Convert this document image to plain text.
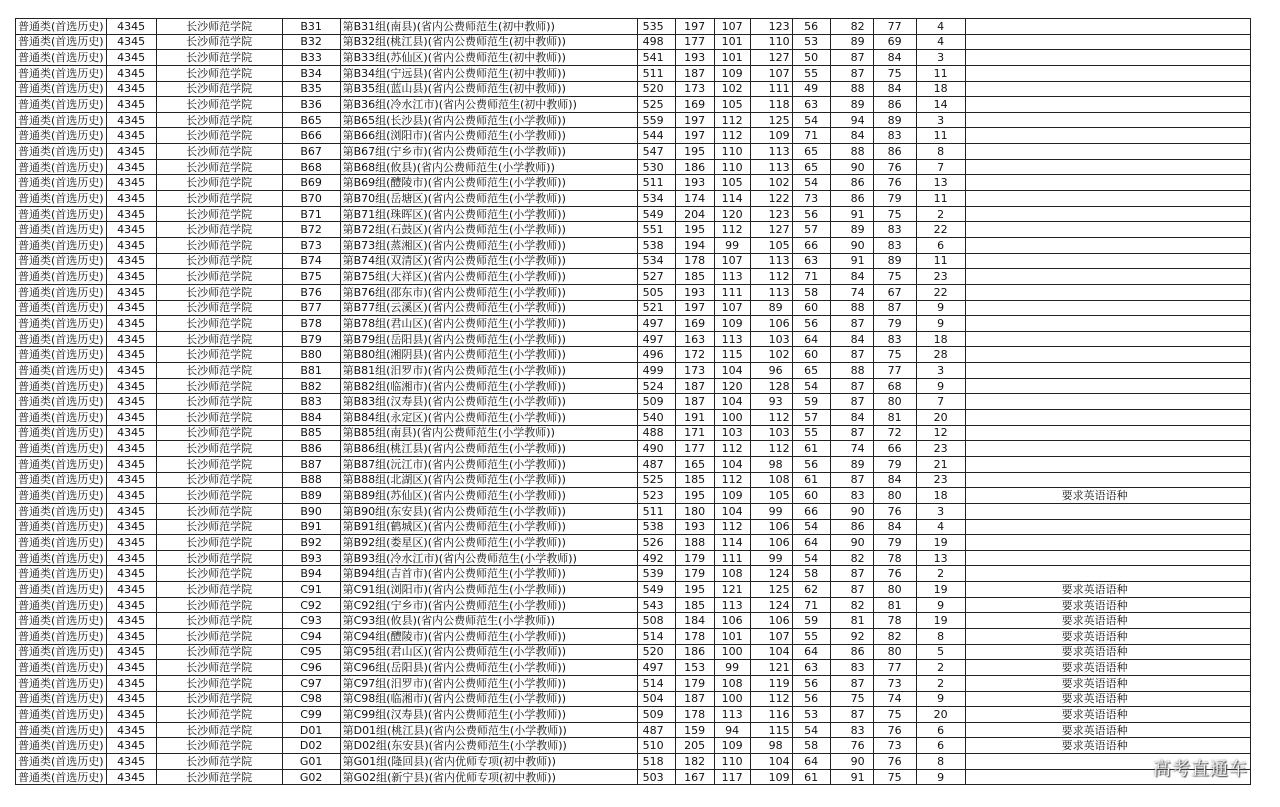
普通类(首选历史)	4345	长沙师范学院	B31	第B31组(南县)(省内公费师范生(初中教师))	535	197	107	123	56	82	77	4	
普通类(首选历史)	4345	长沙师范学院	B32	第B32组(桃江县)(省内公费师范生(初中教师))	498	177	101	110	53	89	69	4	
普通类(首选历史)	4345	长沙师范学院	B33	第B33组(苏仙区)(省内公费师范生(初中教师))	541	193	101	127	50	87	84	3	
普通类(首选历史)	4345	长沙师范学院	B34	第B34组(宁远县)(省内公费师范生(初中教师))	511	187	109	107	55	87	75	11	
普通类(首选历史)	4345	长沙师范学院	B35	第B35组(蓝山县)(省内公费师范生(初中教师))	520	173	102	111	49	88	84	18	
普通类(首选历史)	4345	长沙师范学院	B36	第B36组(冷水江市)(省内公费师范生(初中教师))	525	169	105	118	63	89	86	14	
普通类(首选历史)	4345	长沙师范学院	B65	第B65组(长沙县)(省内公费师范生(小学教师))	559	197	112	125	54	94	89	3	
普通类(首选历史)	4345	长沙师范学院	B66	第B66组(浏阳市)(省内公费师范生(小学教师))	544	197	112	109	71	84	83	11	
普通类(首选历史)	4345	长沙师范学院	B67	第B67组(宁乡市)(省内公费师范生(小学教师))	547	195	110	113	65	88	86	8	
普通类(首选历史)	4345	长沙师范学院	B68	第B68组(攸县)(省内公费师范生(小学教师))	530	186	110	113	65	90	76	7	
普通类(首选历史)	4345	长沙师范学院	B69	第B69组(醴陵市)(省内公费师范生(小学教师))	511	193	105	102	54	86	76	13	
普通类(首选历史)	4345	长沙师范学院	B70	第B70组(岳塘区)(省内公费师范生(小学教师))	534	174	114	122	73	86	79	11	
普通类(首选历史)	4345	长沙师范学院	B71	第B71组(珠晖区)(省内公费师范生(小学教师))	549	204	120	123	56	91	75	2	
普通类(首选历史)	4345	长沙师范学院	B72	第B72组(石鼓区)(省内公费师范生(小学教师))	551	195	112	127	57	89	83	22	
普通类(首选历史)	4345	长沙师范学院	B73	第B73组(蒸湘区)(省内公费师范生(小学教师))	538	194	99	105	66	90	83	6	
普通类(首选历史)	4345	长沙师范学院	B74	第B74组(双清区)(省内公费师范生(小学教师))	534	178	107	113	63	91	89	11	
普通类(首选历史)	4345	长沙师范学院	B75	第B75组(大祥区)(省内公费师范生(小学教师))	527	185	113	112	71	84	75	23	
普通类(首选历史)	4345	长沙师范学院	B76	第B76组(邵东市)(省内公费师范生(小学教师))	505	193	111	113	58	74	67	22	
普通类(首选历史)	4345	长沙师范学院	B77	第B77组(云溪区)(省内公费师范生(小学教师))	521	197	107	89	60	88	87	9	
普通类(首选历史)	4345	长沙师范学院	B78	第B78组(君山区)(省内公费师范生(小学教师))	497	169	109	106	56	87	79	9	
普通类(首选历史)	4345	长沙师范学院	B79	第B79组(岳阳县)(省内公费师范生(小学教师))	497	163	113	103	64	84	83	18	
普通类(首选历史)	4345	长沙师范学院	B80	第B80组(湘阴县)(省内公费师范生(小学教师))	496	172	115	102	60	87	75	28	
普通类(首选历史)	4345	长沙师范学院	B81	第B81组(汨罗市)(省内公费师范生(小学教师))	499	173	104	96	65	88	77	3	
普通类(首选历史)	4345	长沙师范学院	B82	第B82组(临湘市)(省内公费师范生(小学教师))	524	187	120	128	54	87	68	9	
普通类(首选历史)	4345	长沙师范学院	B83	第B83组(汉寿县)(省内公费师范生(小学教师))	509	187	104	93	59	87	80	7	
普通类(首选历史)	4345	长沙师范学院	B84	第B84组(永定区)(省内公费师范生(小学教师))	540	191	100	112	57	84	81	20	
普通类(首选历史)	4345	长沙师范学院	B85	第B85组(南县)(省内公费师范生(小学教师))	488	171	103	103	55	87	72	12	
普通类(首选历史)	4345	长沙师范学院	B86	第B86组(桃江县)(省内公费师范生(小学教师))	490	177	112	112	61	74	66	23	
普通类(首选历史)	4345	长沙师范学院	B87	第B87组(沅江市)(省内公费师范生(小学教师))	487	165	104	98	56	89	79	21	
普通类(首选历史)	4345	长沙师范学院	B88	第B88组(北湖区)(省内公费师范生(小学教师))	525	185	112	108	61	87	84	23	
普通类(首选历史)	4345	长沙师范学院	B89	第B89组(苏仙区)(省内公费师范生(小学教师))	523	195	109	105	60	83	80	18	要求英语语种
普通类(首选历史)	4345	长沙师范学院	B90	第B90组(东安县)(省内公费师范生(小学教师))	511	180	104	99	66	90	76	3	
普通类(首选历史)	4345	长沙师范学院	B91	第B91组(鹤城区)(省内公费师范生(小学教师))	538	193	112	106	54	86	84	4	
普通类(首选历史)	4345	长沙师范学院	B92	第B92组(娄星区)(省内公费师范生(小学教师))	526	188	114	106	64	90	79	19	
普通类(首选历史)	4345	长沙师范学院	B93	第B93组(冷水江市)(省内公费师范生(小学教师))	492	179	111	99	54	82	78	13	
普通类(首选历史)	4345	长沙师范学院	B94	第B94组(吉首市)(省内公费师范生(小学教师))	539	179	108	124	58	87	76	2	
普通类(首选历史)	4345	长沙师范学院	C91	第C91组(浏阳市)(省内公费师范生(小学教师))	549	195	121	125	62	87	80	19	要求英语语种
普通类(首选历史)	4345	长沙师范学院	C92	第C92组(宁乡市)(省内公费师范生(小学教师))	543	185	113	124	71	82	81	9	要求英语语种
普通类(首选历史)	4345	长沙师范学院	C93	第C93组(攸县)(省内公费师范生(小学教师))	508	184	106	106	59	81	78	19	要求英语语种
普通类(首选历史)	4345	长沙师范学院	C94	第C94组(醴陵市)(省内公费师范生(小学教师))	514	178	101	107	55	92	82	8	要求英语语种
普通类(首选历史)	4345	长沙师范学院	C95	第C95组(君山区)(省内公费师范生(小学教师))	520	186	100	104	64	86	80	5	要求英语语种
普通类(首选历史)	4345	长沙师范学院	C96	第C96组(岳阳县)(省内公费师范生(小学教师))	497	153	99	121	63	83	77	2	要求英语语种
普通类(首选历史)	4345	长沙师范学院	C97	第C97组(汨罗市)(省内公费师范生(小学教师))	514	179	108	119	56	87	73	2	要求英语语种
普通类(首选历史)	4345	长沙师范学院	C98	第C98组(临湘市)(省内公费师范生(小学教师))	504	187	100	112	56	75	74	9	要求英语语种
普通类(首选历史)	4345	长沙师范学院	C99	第C99组(汉寿县)(省内公费师范生(小学教师))	509	178	113	116	53	87	75	20	要求英语语种
普通类(首选历史)	4345	长沙师范学院	D01	第D01组(桃江县)(省内公费师范生(小学教师))	487	159	94	115	54	83	76	6	要求英语语种
普通类(首选历史)	4345	长沙师范学院	D02	第D02组(东安县)(省内公费师范生(小学教师))	510	205	109	98	58	76	73	6	要求英语语种
普通类(首选历史)	4345	长沙师范学院	G01	第G01组(隆回县)(省内优师专项(初中教师))	518	182	110	104	64	90	76	8	
普通类(首选历史)	4345	长沙师范学院	G02	第G02组(新宁县)(省内优师专项(初中教师))	503	167	117	109	61	91	75	9		高考直通车
